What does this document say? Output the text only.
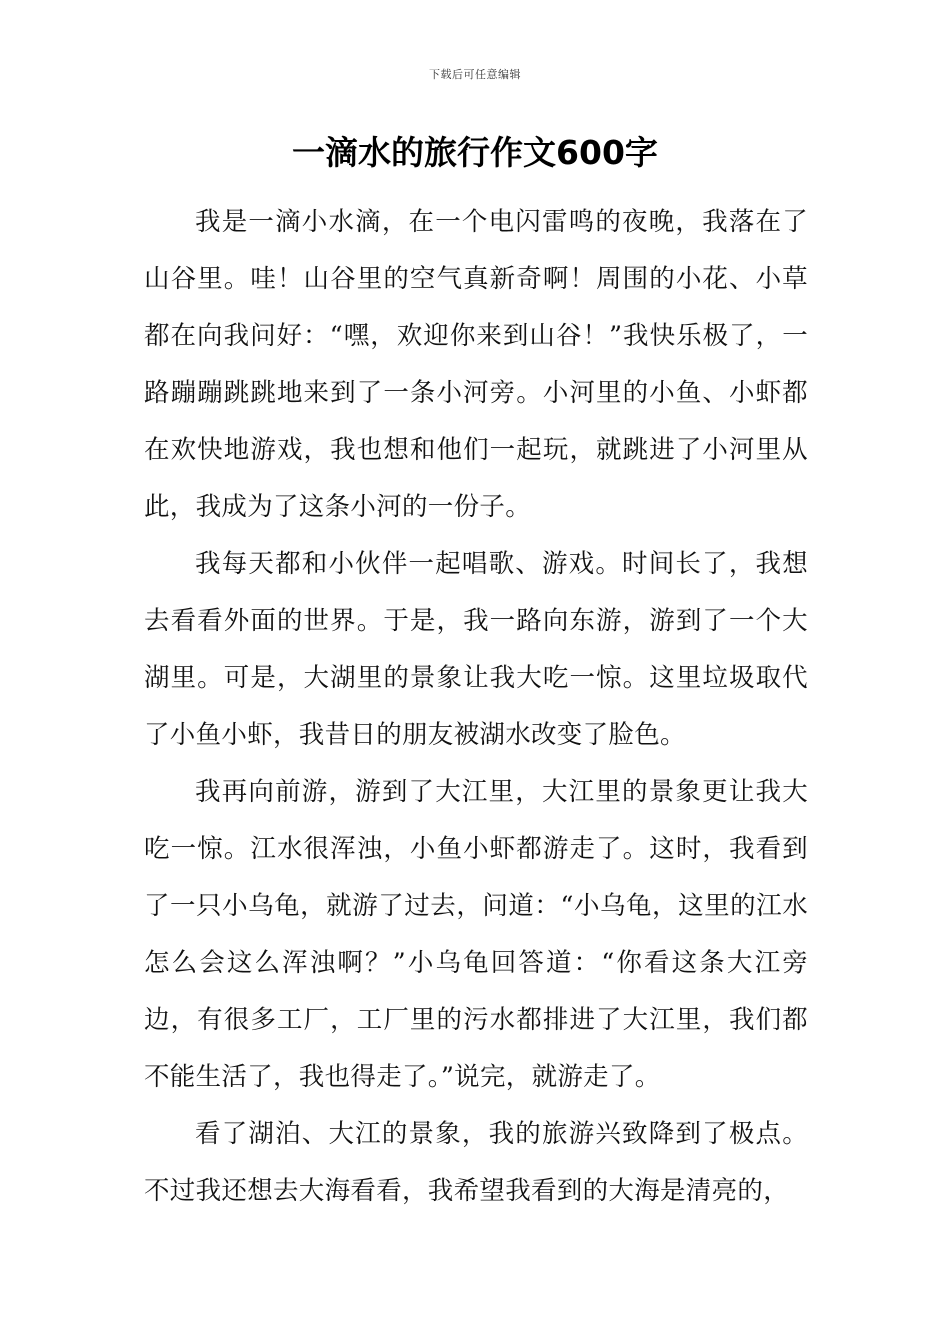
下载后可任意编辑
一滴水的旅行作文600字

我是一滴小水滴，在一个电闪雷鸣的夜晚，我落在了山谷里。哇！山谷里的空气真新奇啊！周围的小花、小草都在向我问好：“嘿，欢迎你来到山谷！”我快乐极了，一路蹦蹦跳跳地来到了一条小河旁。小河里的小鱼、小虾都在欢快地游戏，我也想和他们一起玩，就跳进了小河里从此，我成为了这条小河的一份子。

我每天都和小伙伴一起唱歌、游戏。时间长了，我想去看看外面的世界。于是，我一路向东游，游到了一个大湖里。可是，大湖里的景象让我大吃一惊。这里垃圾取代了小鱼小虾，我昔日的朋友被湖水改变了脸色。

我再向前游，游到了大江里，大江里的景象更让我大吃一惊。江水很浑浊，小鱼小虾都游走了。这时，我看到了一只小乌龟，就游了过去，问道：“小乌龟，这里的江水怎么会这么浑浊啊？”小乌龟回答道：“你看这条大江旁边，有很多工厂，工厂里的污水都排进了大江里，我们都不能生活了，我也得走了。”说完，就游走了。

看了湖泊、大江的景象，我的旅游兴致降到了极点。不过我还想去大海看看，我希望我看到的大海是清亮的，
